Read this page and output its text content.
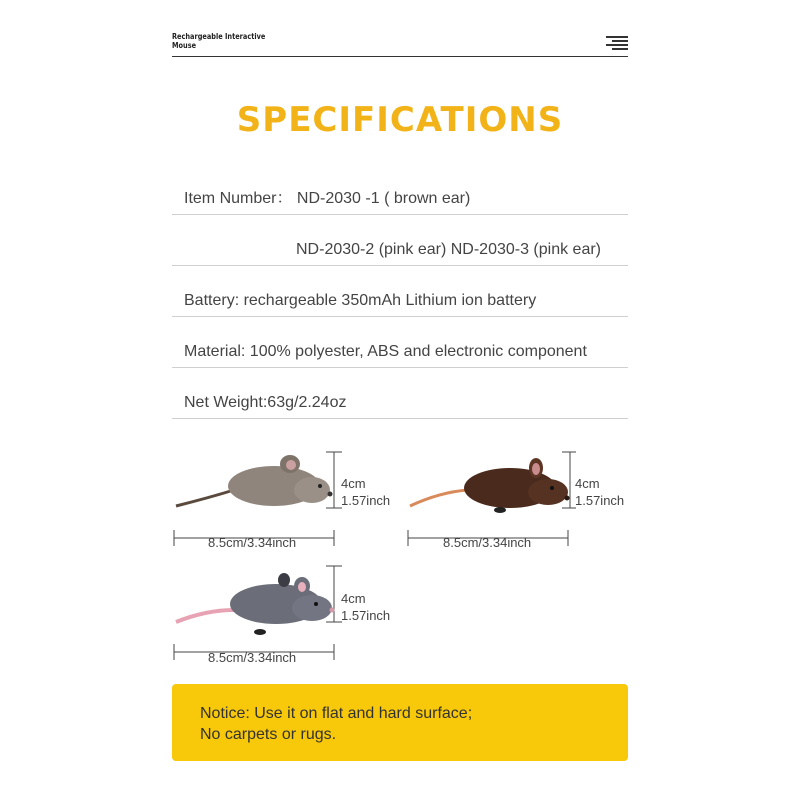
Rechargeable Interactive
Mouse
SPECIFICATIONS
Item Number： ND-2030 -1 ( brown ear)
ND-2030-2 (pink ear) ND-2030-3 (pink ear)
Battery: rechargeable 350mAh Lithium ion battery
Material: 100% polyester, ABS and electronic component
Net Weight:63g/2.24oz
4cm
1.57inch
8.5cm/3.34inch
4cm
1.57inch
8.5cm/3.34inch
4cm
1.57inch
8.5cm/3.34inch
Notice: Use it on flat and hard surface;
No carpets or rugs.
